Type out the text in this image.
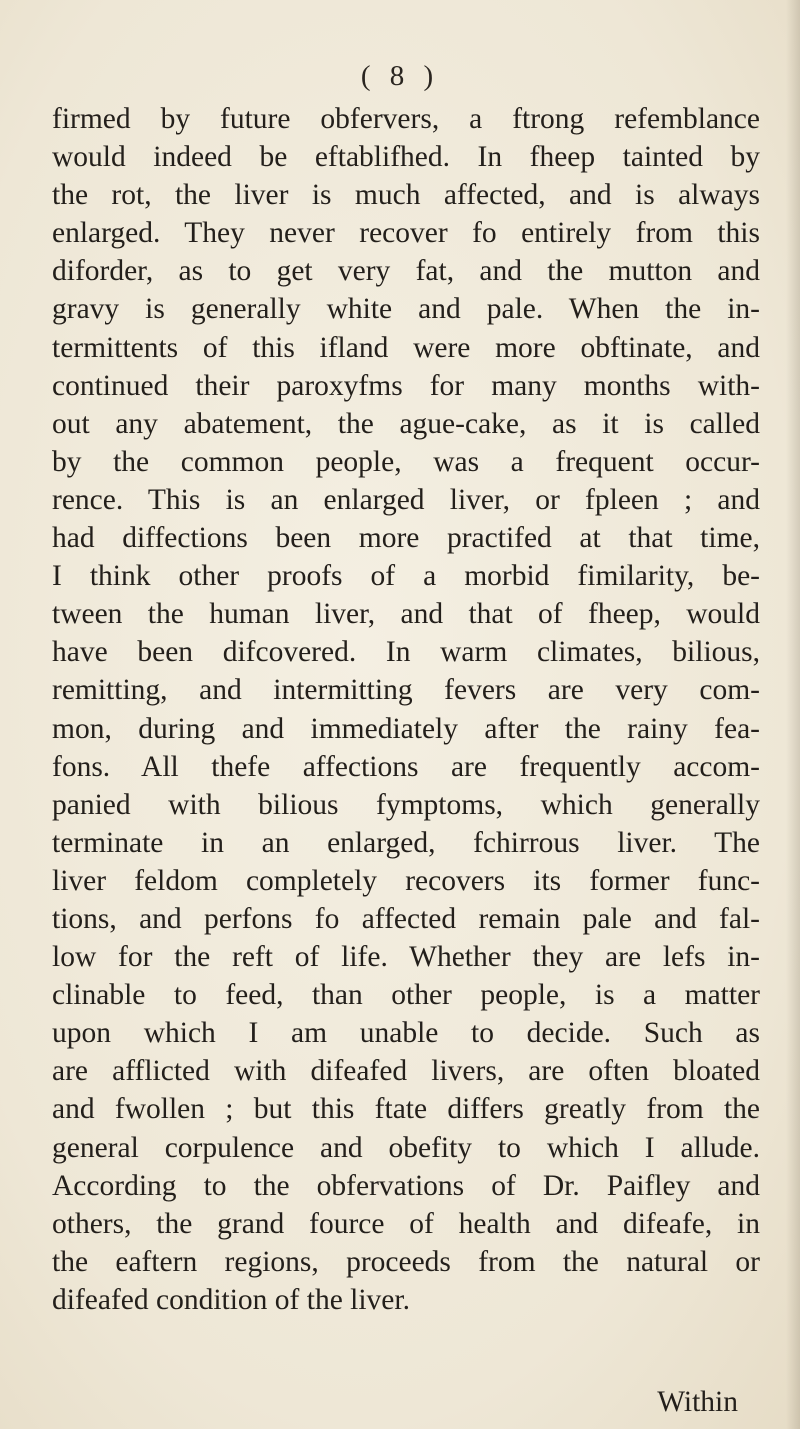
( 8 )
firmed by future obfervers, a ftrong refemblance
would indeed be eftablifhed. In fheep tainted by
the rot, the liver is much affected, and is always
enlarged. They never recover fo entirely from this
diforder, as to get very fat, and the mutton and
gravy is generally white and pale. When the in-
termittents of this ifland were more obftinate, and
continued their paroxyfms for many months with-
out any abatement, the ague-cake, as it is called
by the common people, was a frequent occur-
rence. This is an enlarged liver, or fpleen ; and
had diffections been more practifed at that time,
I think other proofs of a morbid fimilarity, be-
tween the human liver, and that of fheep, would
have been difcovered. In warm climates, bilious,
remitting, and intermitting fevers are very com-
mon, during and immediately after the rainy fea-
fons. All thefe affections are frequently accom-
panied with bilious fymptoms, which generally
terminate in an enlarged, fchirrous liver. The
liver feldom completely recovers its former func-
tions, and perfons fo affected remain pale and fal-
low for the reft of life. Whether they are lefs in-
clinable to feed, than other people, is a matter
upon which I am unable to decide. Such as
are afflicted with difeafed livers, are often bloated
and fwollen ; but this ftate differs greatly from the
general corpulence and obefity to which I allude.
According to the obfervations of Dr. Paifley and
others, the grand fource of health and difeafe, in
the eaftern regions, proceeds from the natural or
difeafed condition of the liver.
Within
